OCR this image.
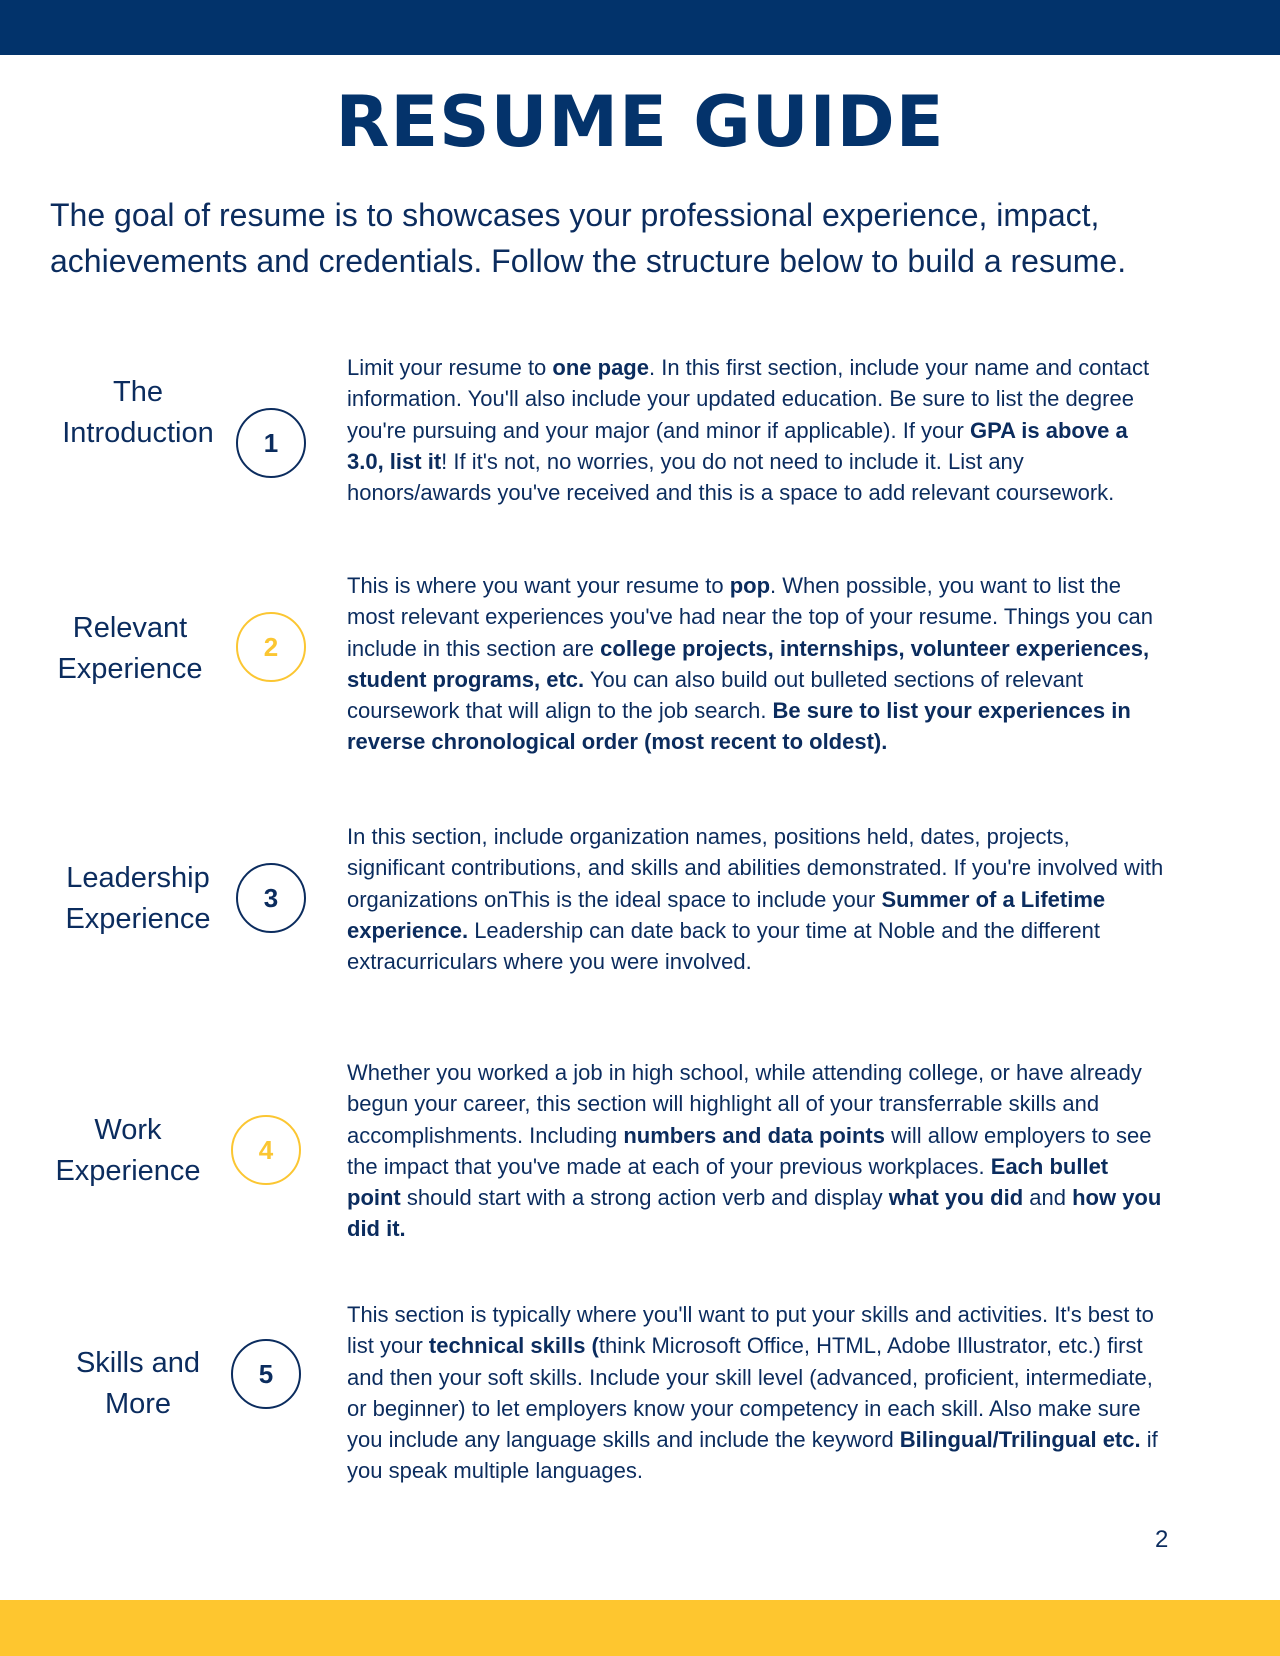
RESUME GUIDE

The goal of resume is to showcases your professional experience, impact, achievements and credentials. Follow the structure below to build a resume.

The
Introduction	1

Limit your resume to one page. In this first section, include your name and contact information. You'll also include your updated education. Be sure to list the degree you're pursuing and your major (and minor if applicable). If your GPA is above a 3.0, list it! If it's not, no worries, you do not need to include it. List any honors/awards you've received and this is a space to add relevant coursework.

Relevant
Experience
2

This is where you want your resume to pop. When possible, you want to list the most relevant experiences you've had near the top of your resume. Things you can include in this section are college projects, internships, volunteer experiences, student programs, etc. You can also build out bulleted sections of relevant coursework that will align to the job search. Be sure to list your experiences in reverse chronological order (most recent to oldest).

Leadership
Experience
3

In this section, include organization names, positions held, dates, projects, significant contributions, and skills and abilities demonstrated. If you're involved with organizations onThis is the ideal space to include your Summer of a Lifetime experience. Leadership can date back to your time at Noble and the different extracurriculars where you were involved.

Work
Experience
4

Whether you worked a job in high school, while attending college, or have already begun your career, this section will highlight all of your transferrable skills and accomplishments. Including numbers and data points will allow employers to see the impact that you've made at each of your previous workplaces. Each bullet point should start with a strong action verb and display what you did and how you did it.

Skills and
More
5

This section is typically where you'll want to put your skills and activities. It's best to list your technical skills (think Microsoft Office, HTML, Adobe Illustrator, etc.) first and then your soft skills. Include your skill level (advanced, proficient, intermediate, or beginner) to let employers know your competency in each skill. Also make sure you include any language skills and include the keyword Bilingual/Trilingual etc. if you speak multiple languages.

2
